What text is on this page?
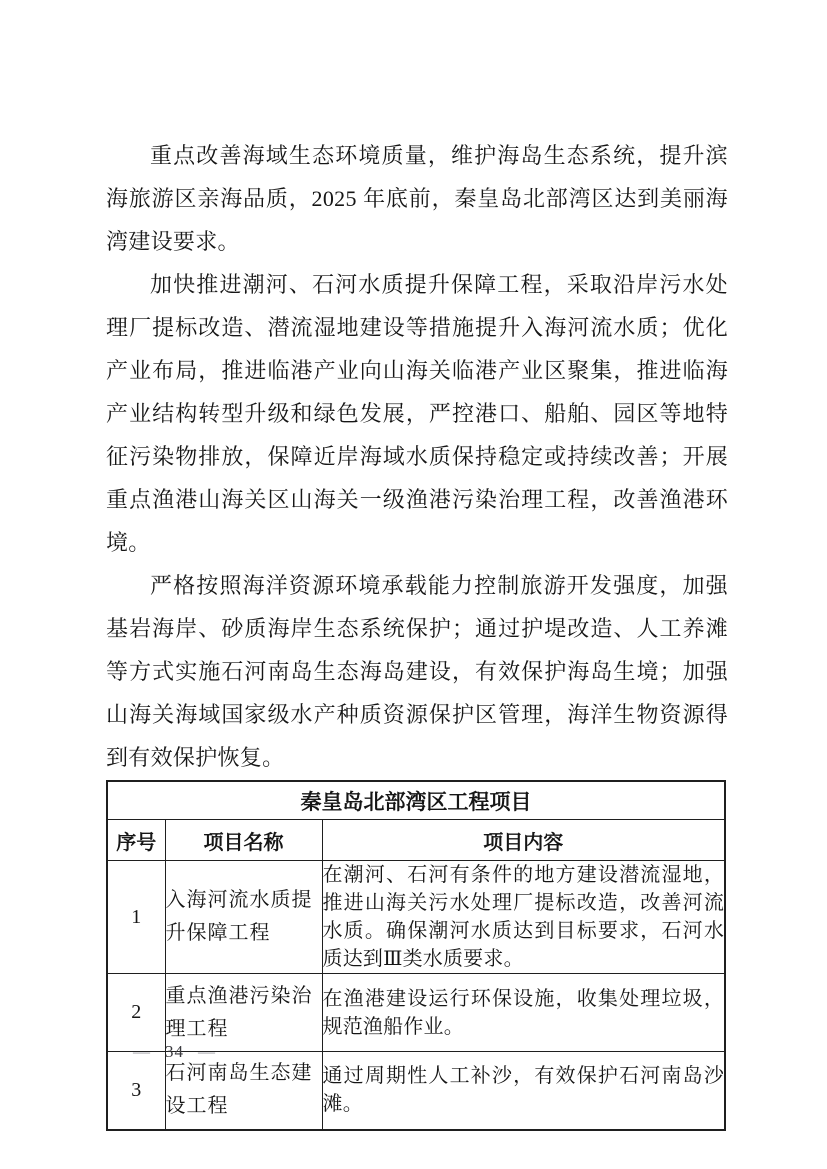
重点改善海域生态环境质量，维护海岛生态系统，提升滨海旅游区亲海品质，2025 年底前，秦皇岛北部湾区达到美丽海湾建设要求。

加快推进潮河、石河水质提升保障工程，采取沿岸污水处理厂提标改造、潜流湿地建设等措施提升入海河流水质；优化产业布局，推进临港产业向山海关临港产业区聚集，推进临海产业结构转型升级和绿色发展，严控港口、船舶、园区等地特征污染物排放，保障近岸海域水质保持稳定或持续改善；开展重点渔港山海关区山海关一级渔港污染治理工程，改善渔港环境。

严格按照海洋资源环境承载能力控制旅游开发强度，加强基岩海岸、砂质海岸生态系统保护；通过护堤改造、人工养滩等方式实施石河南岛生态海岛建设，有效保护海岛生境；加强山海关海域国家级水产种质资源保护区管理，海洋生物资源得到有效保护恢复。

秦皇岛北部湾区工程项目		
序号	项目名称	项目内容
1	入海河流水质提升保障工程	在潮河、石河有条件的地方建设潜流湿地，推进山海关污水处理厂提标改造，改善河流水质。确保潮河水质达到目标要求，石河水质达到Ⅲ类水质要求。
2	重点渔港污染治理工程	在渔港建设运行环保设施，收集处理垃圾，规范渔船作业。
3	石河南岛生态建设工程	通过周期性人工补沙，有效保护石河南岛沙滩。
— 34 —
